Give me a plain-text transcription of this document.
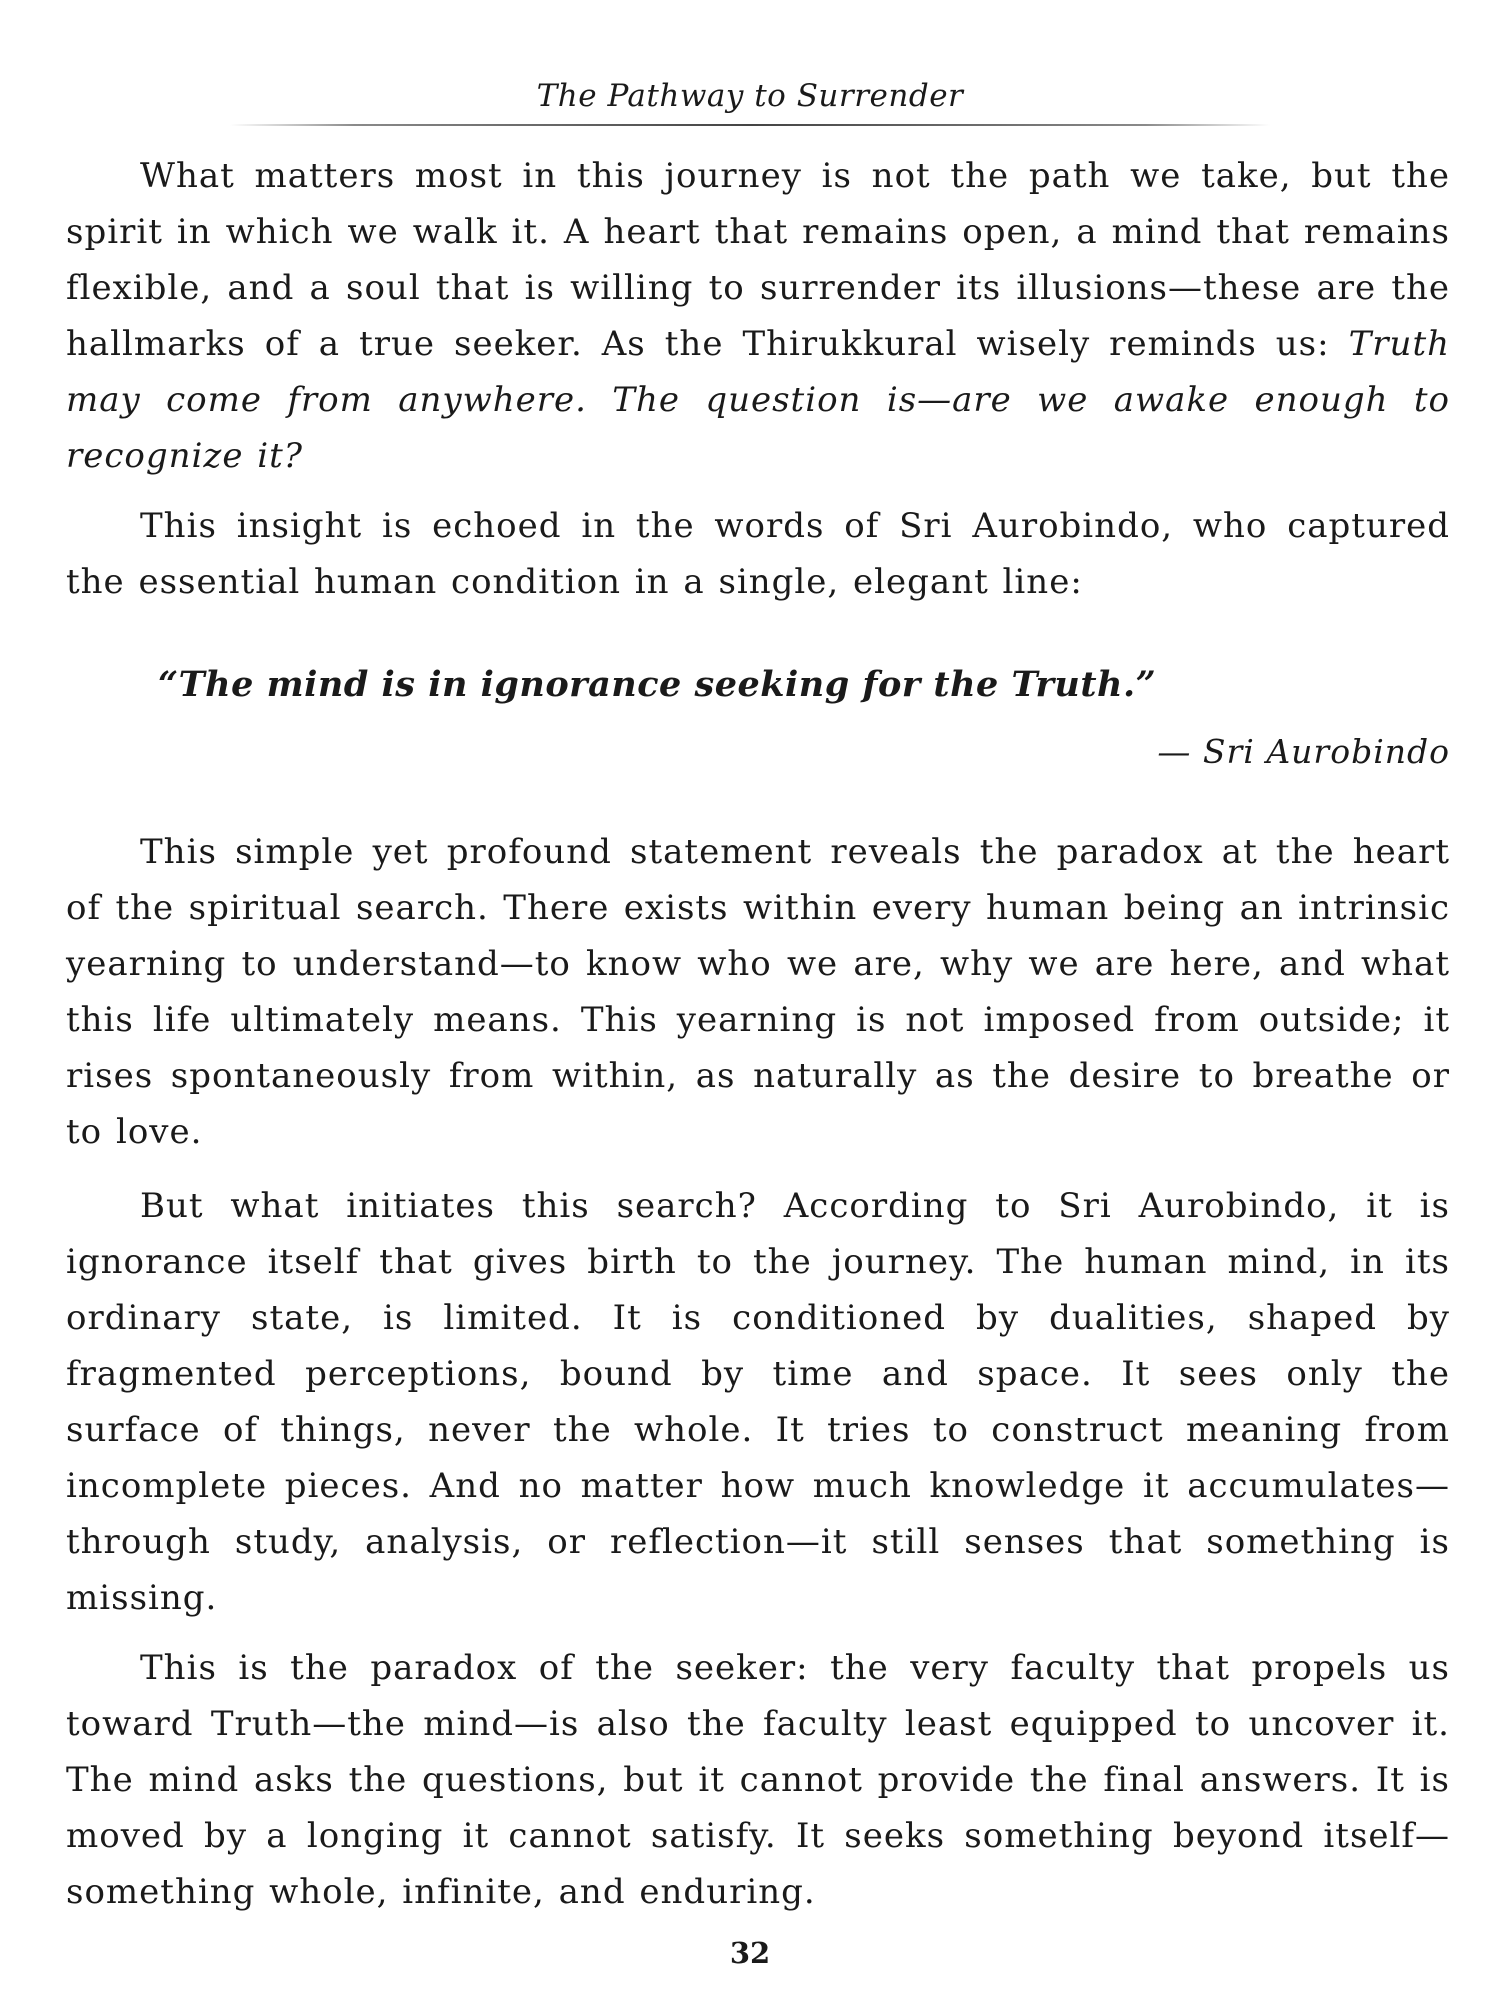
The Pathway to Surrender

What matters most in this journey is not the path we take, but the spirit in which we walk it. A heart that remains open, a mind that remains flexible, and a soul that is willing to surrender its illusions—these are the hallmarks of a true seeker. As the Thirukkural wisely reminds us: Truth may come from anywhere. The question is—are we awake enough to recognize it?

This insight is echoed in the words of Sri Aurobindo, who captured the essential human condition in a single, elegant line:

“The mind is in ignorance seeking for the Truth.”
— Sri Aurobindo

This simple yet profound statement reveals the paradox at the heart of the spiritual search. There exists within every human being an intrinsic yearning to understand—to know who we are, why we are here, and what this life ultimately means. This yearning is not imposed from outside; it rises spontaneously from within, as naturally as the desire to breathe or to love.

But what initiates this search? According to Sri Aurobindo, it is ignorance itself that gives birth to the journey. The human mind, in its ordinary state, is limited. It is conditioned by dualities, shaped by fragmented perceptions, bound by time and space. It sees only the surface of things, never the whole. It tries to construct meaning from incomplete pieces. And no matter how much knowledge it accumulates—through study, analysis, or reflection—it still senses that something is missing.

This is the paradox of the seeker: the very faculty that propels us toward Truth—the mind—is also the faculty least equipped to uncover it. The mind asks the questions, but it cannot provide the final answers. It is moved by a longing it cannot satisfy. It seeks something beyond itself—something whole, infinite, and enduring.

32
